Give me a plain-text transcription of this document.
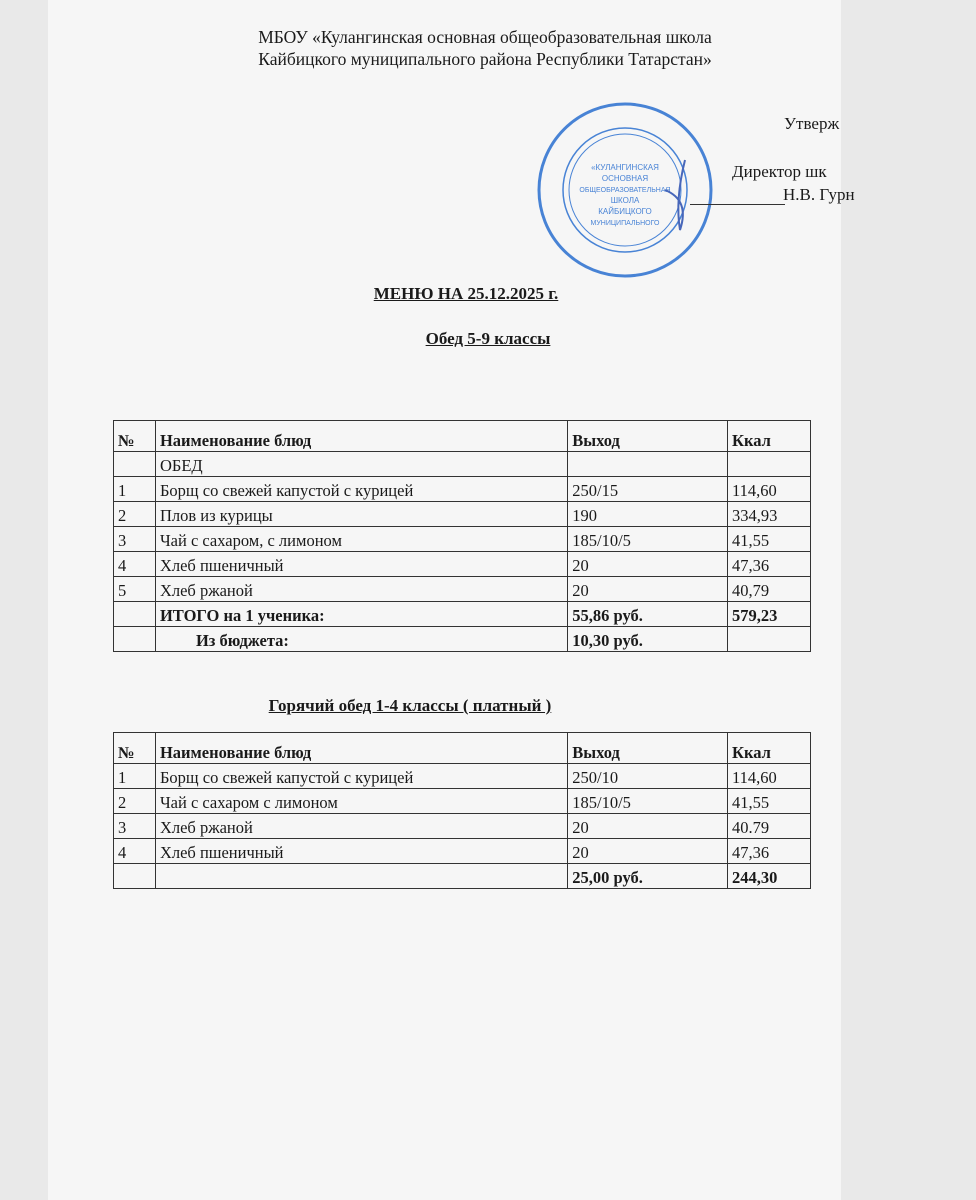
МБОУ «Кулангинская основная общеобразовательная школа
Кайбицкого муниципального района Республики Татарстан»
«КУЛАНГИНСКАЯ
ОСНОВНАЯ
ОБЩЕОБРАЗОВАТЕЛЬНАЯ
ШКОЛА
КАЙБИЦКОГО
МУНИЦИПАЛЬНОГО
Утверж
Директор шк
Н.В. Гурн
МЕНЮ НА 25.12.2025 г.
Обед 5-9 классы
№	Наименование блюд	Выход	Ккал
	ОБЕД		
1	Борщ со свежей капустой с курицей	250/15	114,60
2	Плов из курицы	190	334,93
3	Чай с сахаром, с лимоном	185/10/5	41,55
4	Хлеб пшеничный	20	47,36
5	Хлеб ржаной	20	40,79
	ИТОГО на 1 ученика:	55,86 руб.	579,23
	Из бюджета:	10,30 руб.	
Горячий обед 1-4 классы ( платный )
№	Наименование блюд	Выход	Ккал
1	Борщ со свежей капустой с курицей	250/10	114,60
2	Чай с сахаром с лимоном	185/10/5	41,55
3	Хлеб ржаной	20	40.79
4	Хлеб пшеничный	20	47,36
		25,00 руб.	244,30
